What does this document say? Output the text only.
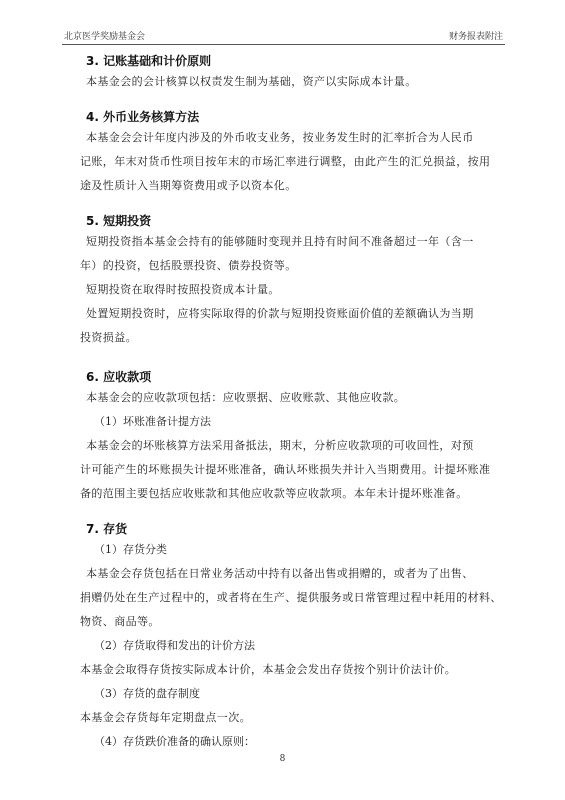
北京医学奖励基金会	财务报表附注

3. 记账基础和计价原则

本基金会的会计核算以权责发生制为基础，资产以实际成本计量。

4. 外币业务核算方法

本基金会会计年度内涉及的外币收支业务，按业务发生时的汇率折合为人民币

记账，年末对货币性项目按年末的市场汇率进行调整，由此产生的汇兑损益，按用

途及性质计入当期筹资费用或予以资本化。

5. 短期投资

短期投资指本基金会持有的能够随时变现并且持有时间不准备超过一年（含一

年）的投资，包括股票投资、债券投资等。

短期投资在取得时按照投资成本计量。

处置短期投资时，应将实际取得的价款与短期投资账面价值的差额确认为当期

投资损益。

6. 应收款项

本基金会的应收款项包括：应收票据、应收账款、其他应收款。

（1）坏账准备计提方法

本基金会的坏账核算方法采用备抵法，期末，分析应收款项的可收回性，对预

计可能产生的坏账损失计提坏账准备，确认坏账损失并计入当期费用。计提坏账准

备的范围主要包括应收账款和其他应收款等应收款项。本年未计提坏账准备。

7. 存货

（1）存货分类

本基金会存货包括在日常业务活动中持有以备出售或捐赠的，或者为了出售、

捐赠仍处在生产过程中的，或者将在生产、提供服务或日常管理过程中耗用的材料、

物资、商品等。

（2）存货取得和发出的计价方法

本基金会取得存货按实际成本计价，本基金会发出存货按个别计价法计价。

（3）存货的盘存制度

本基金会存货每年定期盘点一次。

（4）存货跌价准备的确认原则：

8
